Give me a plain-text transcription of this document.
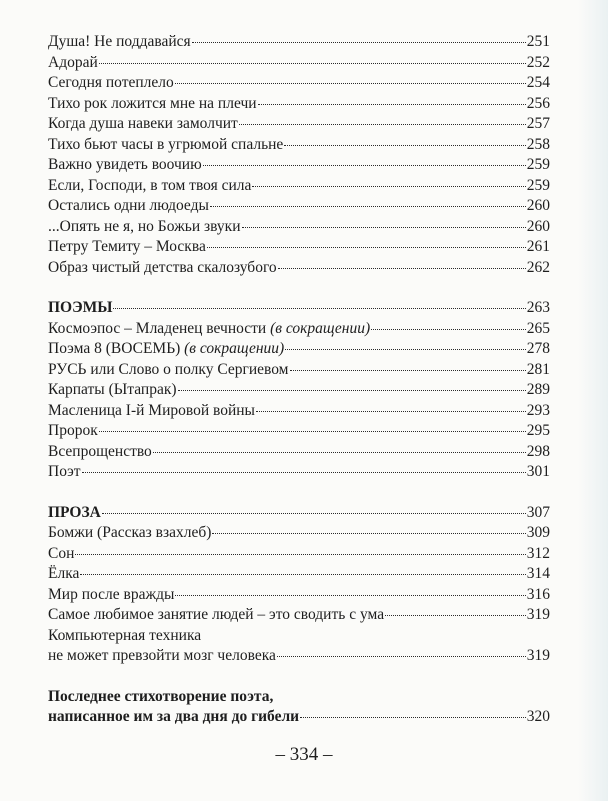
Душа! Не поддавайся	251
Адорай	252
Сегодня потеплело	254
Тихо рок ложится мне на плечи	256
Когда душа навеки замолчит	257
Тихо бьют часы в угрюмой спальне	258
Важно увидеть воочию	259
Если, Господи, в том твоя сила	259
Остались одни людоеды	260
...Опять не я, но Божьи звуки	260
Петру Темиту – Москва	261
Образ чистый детства скалозубого	262
ПОЭМЫ	263
Космоэпос – Младенец вечности (в сокращении)	265
Поэма 8 (ВОСЕМЬ) (в сокращении)	278
РУСЬ или Слово о полку Сергиевом	281
Карпаты (Ытапрак)	289
Масленица I-й Мировой войны	293
Пророк	295
Всепрощенство	298
Поэт	301
ПРОЗА	307
Бомжи (Рассказ взахлеб)	309
Сон	312
Ёлка	314
Мир после вражды	316
Самое любимое занятие людей – это сводить с ума	319
Компьютерная техника
не может превзойти мозг человека	319
Последнее стихотворение поэта,
написанное им за два дня до гибели	320
– 334 –
